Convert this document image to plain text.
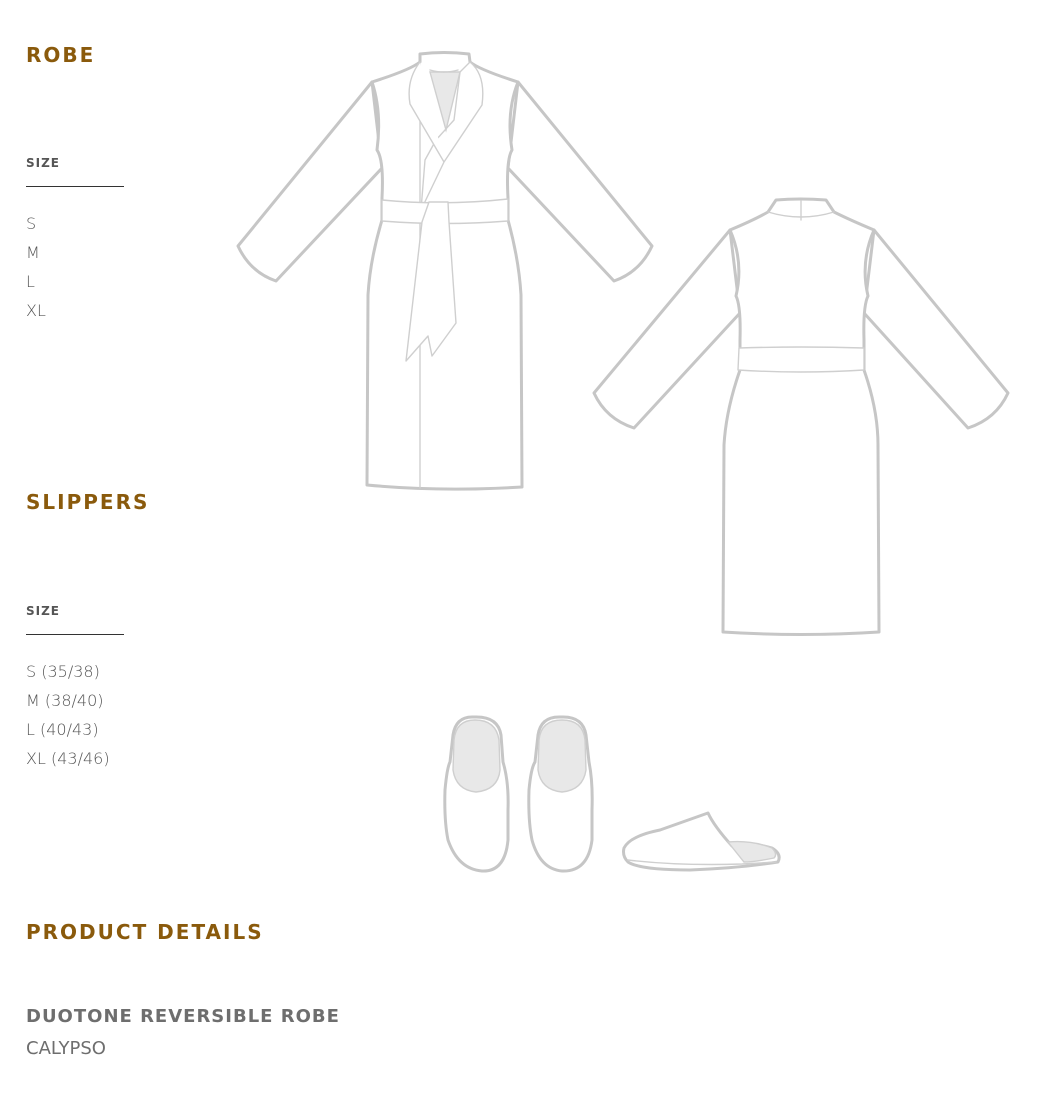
ROBE
SIZE
S
M
L
XL
SLIPPERS
SIZE
S (35/38)
M (38/40)
L (40/43)
XL (43/46)
PRODUCT DETAILS
DUOTONE REVERSIBLE ROBE
CALYPSO
